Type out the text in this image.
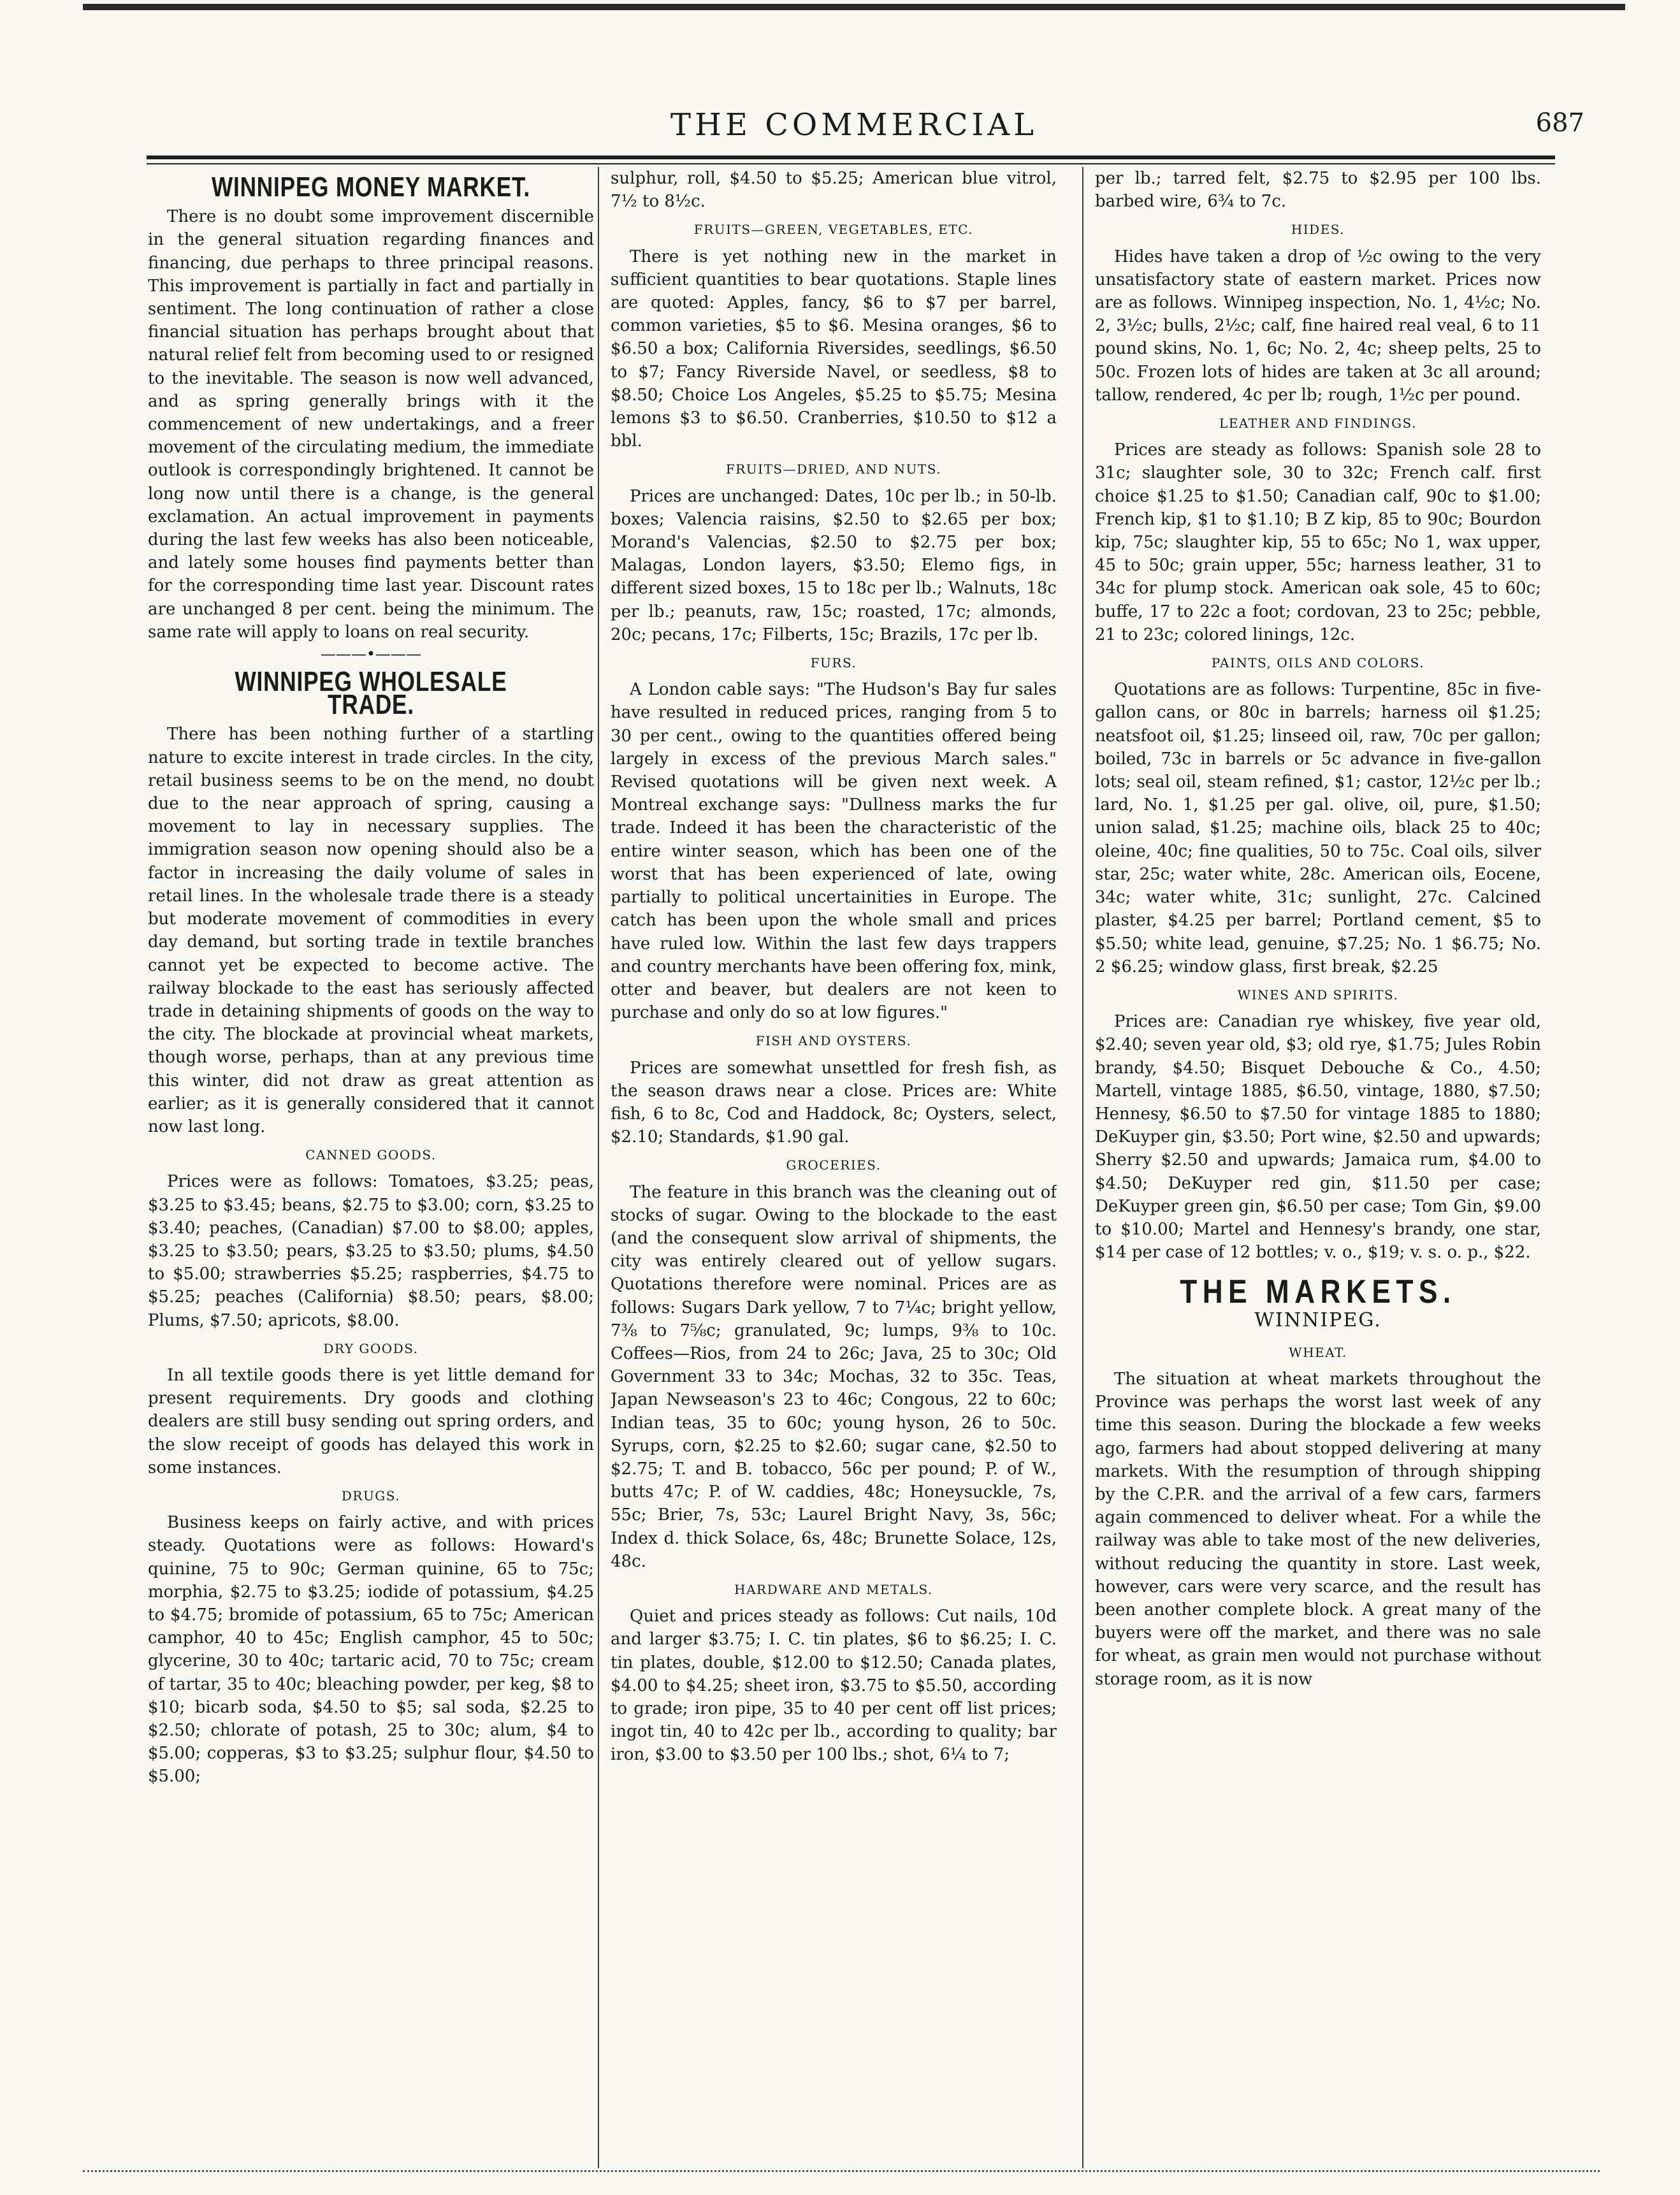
THE COMMERCIAL	687
WINNIPEG MONEY MARKET.

There is no doubt some improvement discernible in the general situation regarding finances and financing, due perhaps to three principal reasons. This improvement is partially in fact and partially in sentiment. The long continuation of rather a close financial situation has perhaps brought about that natural relief felt from becoming used to or resigned to the inevitable. The season is now well advanced, and as spring generally brings with it the commencement of new undertakings, and a freer movement of the circulating medium, the immediate outlook is correspondingly brightened. It cannot be long now until there is a change, is the general exclamation. An actual improvement in payments during the last few weeks has also been noticeable, and lately some houses find payments better than for the corresponding time last year. Discount rates are unchanged 8 per cent. being the minimum. The same rate will apply to loans on real security.

———•———
WINNIPEG WHOLESALE TRADE.

There has been nothing further of a startling nature to excite interest in trade circles. In the city, retail business seems to be on the mend, no doubt due to the near approach of spring, causing a movement to lay in necessary supplies. The immigration season now opening should also be a factor in increasing the daily volume of sales in retail lines. In the wholesale trade there is a steady but moderate movement of commodities in every day demand, but sorting trade in textile branches cannot yet be expected to become active. The railway blockade to the east has seriously affected trade in detaining shipments of goods on the way to the city. The blockade at provincial wheat markets, though worse, perhaps, than at any previous time this winter, did not draw as great attention as earlier; as it is generally considered that it cannot now last long.

CANNED GOODS.

Prices were as follows: Tomatoes, $3.25; peas, $3.25 to $3.45; beans, $2.75 to $3.00; corn, $3.25 to $3.40; peaches, (Canadian) $7.00 to $8.00; apples, $3.25 to $3.50; pears, $3.25 to $3.50; plums, $4.50 to $5.00; strawberries $5.25; raspberries, $4.75 to $5.25; peaches (California) $8.50; pears, $8.00; Plums, $7.50; apricots, $8.00.

DRY GOODS.

In all textile goods there is yet little demand for present requirements. Dry goods and clothing dealers are still busy sending out spring orders, and the slow receipt of goods has delayed this work in some instances.

DRUGS.

Business keeps on fairly active, and with prices steady. Quotations were as follows: Howard's quinine, 75 to 90c; German quinine, 65 to 75c; morphia, $2.75 to $3.25; iodide of potassium, $4.25 to $4.75; bromide of potassium, 65 to 75c; American camphor, 40 to 45c; English camphor, 45 to 50c; glycerine, 30 to 40c; tartaric acid, 70 to 75c; cream of tartar, 35 to 40c; bleaching powder, per keg, $8 to $10; bicarb soda, $4.50 to $5; sal soda, $2.25 to $2.50; chlorate of potash, 25 to 30c; alum, $4 to $5.00; copperas, $3 to $3.25; sulphur flour, $4.50 to $5.00;

sulphur, roll, $4.50 to $5.25; American blue vitrol, 7½ to 8½c.

FRUITS—GREEN, VEGETABLES, ETC.

There is yet nothing new in the market in sufficient quantities to bear quotations. Staple lines are quoted: Apples, fancy, $6 to $7 per barrel, common varieties, $5 to $6. Mesina oranges, $6 to $6.50 a box; California Riversides, seedlings, $6.50 to $7; Fancy Riverside Navel, or seedless, $8 to $8.50; Choice Los Angeles, $5.25 to $5.75; Mesina lemons $3 to $6.50. Cranberries, $10.50 to $12 a bbl.

FRUITS—DRIED, AND NUTS.

Prices are unchanged: Dates, 10c per lb.; in 50-lb. boxes; Valencia raisins, $2.50 to $2.65 per box; Morand's Valencias, $2.50 to $2.75 per box; Malagas, London layers, $3.50; Elemo figs, in different sized boxes, 15 to 18c per lb.; Walnuts, 18c per lb.; peanuts, raw, 15c; roasted, 17c; almonds, 20c; pecans, 17c; Filberts, 15c; Brazils, 17c per lb.

FURS.

A London cable says: "The Hudson's Bay fur sales have resulted in reduced prices, ranging from 5 to 30 per cent., owing to the quantities offered being largely in excess of the previous March sales." Revised quotations will be given next week. A Montreal exchange says: "Dullness marks the fur trade. Indeed it has been the characteristic of the entire winter season, which has been one of the worst that has been experienced of late, owing partially to political uncertainities in Europe. The catch has been upon the whole small and prices have ruled low. Within the last few days trappers and country merchants have been offering fox, mink, otter and beaver, but dealers are not keen to purchase and only do so at low figures."

FISH AND OYSTERS.

Prices are somewhat unsettled for fresh fish, as the season draws near a close. Prices are: White fish, 6 to 8c, Cod and Haddock, 8c; Oysters, select, $2.10; Standards, $1.90 gal.

GROCERIES.

The feature in this branch was the cleaning out of stocks of sugar. Owing to the blockade to the east (and the consequent slow arrival of shipments, the city was entirely cleared out of yellow sugars. Quotations therefore were nominal. Prices are as follows: Sugars Dark yellow, 7 to 7¼c; bright yellow, 7⅜ to 7⅝c; granulated, 9c; lumps, 9⅜ to 10c. Coffees—Rios, from 24 to 26c; Java, 25 to 30c; Old Government 33 to 34c; Mochas, 32 to 35c. Teas, Japan Newseason's 23 to 46c; Congous, 22 to 60c; Indian teas, 35 to 60c; young hyson, 26 to 50c. Syrups, corn, $2.25 to $2.60; sugar cane, $2.50 to $2.75; T. and B. tobacco, 56c per pound; P. of W., butts 47c; P. of W. caddies, 48c; Honeysuckle, 7s, 55c; Brier, 7s, 53c; Laurel Bright Navy, 3s, 56c; Index d. thick Solace, 6s, 48c; Brunette Solace, 12s, 48c.

HARDWARE AND METALS.

Quiet and prices steady as follows: Cut nails, 10d and larger $3.75; I. C. tin plates, $6 to $6.25; I. C. tin plates, double, $12.00 to $12.50; Canada plates, $4.00 to $4.25; sheet iron, $3.75 to $5.50, according to grade; iron pipe, 35 to 40 per cent off list prices; ingot tin, 40 to 42c per lb., according to quality; bar iron, $3.00 to $3.50 per 100 lbs.; shot, 6¼ to 7;

per lb.; tarred felt, $2.75 to $2.95 per 100 lbs. barbed wire, 6¾ to 7c.

HIDES.

Hides have taken a drop of ½c owing to the very unsatisfactory state of eastern market. Prices now are as follows. Winnipeg inspection, No. 1, 4½c; No. 2, 3½c; bulls, 2½c; calf, fine haired real veal, 6 to 11 pound skins, No. 1, 6c; No. 2, 4c; sheep pelts, 25 to 50c. Frozen lots of hides are taken at 3c all around; tallow, rendered, 4c per lb; rough, 1½c per pound.

LEATHER AND FINDINGS.

Prices are steady as follows: Spanish sole 28 to 31c; slaughter sole, 30 to 32c; French calf. first choice $1.25 to $1.50; Canadian calf, 90c to $1.00; French kip, $1 to $1.10; B Z kip, 85 to 90c; Bourdon kip, 75c; slaughter kip, 55 to 65c; No 1, wax upper, 45 to 50c; grain upper, 55c; harness leather, 31 to 34c for plump stock. American oak sole, 45 to 60c; buffe, 17 to 22c a foot; cordovan, 23 to 25c; pebble, 21 to 23c; colored linings, 12c.

PAINTS, OILS AND COLORS.

Quotations are as follows: Turpentine, 85c in five-gallon cans, or 80c in barrels; harness oil $1.25; neatsfoot oil, $1.25; linseed oil, raw, 70c per gallon; boiled, 73c in barrels or 5c advance in five-gallon lots; seal oil, steam refined, $1; castor, 12½c per lb.; lard, No. 1, $1.25 per gal. olive, oil, pure, $1.50; union salad, $1.25; machine oils, black 25 to 40c; oleine, 40c; fine qualities, 50 to 75c. Coal oils, silver star, 25c; water white, 28c. American oils, Eocene, 34c; water white, 31c; sunlight, 27c. Calcined plaster, $4.25 per barrel; Portland cement, $5 to $5.50; white lead, genuine, $7.25; No. 1 $6.75; No. 2 $6.25; window glass, first break, $2.25

WINES AND SPIRITS.

Prices are: Canadian rye whiskey, five year old, $2.40; seven year old, $3; old rye, $1.75; Jules Robin brandy, $4.50; Bisquet Debouche & Co., 4.50; Martell, vintage 1885, $6.50, vintage, 1880, $7.50; Hennesy, $6.50 to $7.50 for vintage 1885 to 1880; DeKuyper gin, $3.50; Port wine, $2.50 and upwards; Sherry $2.50 and upwards; Jamaica rum, $4.00 to $4.50; DeKuyper red gin, $11.50 per case; DeKuyper green gin, $6.50 per case; Tom Gin, $9.00 to $10.00; Martel and Hennesy's brandy, one star, $14 per case of 12 bottles; v. o., $19; v. s. o. p., $22.

THE MARKETS.
WINNIPEG.
WHEAT.

The situation at wheat markets throughout the Province was perhaps the worst last week of any time this season. During the blockade a few weeks ago, farmers had about stopped delivering at many markets. With the resumption of through shipping by the C.P.R. and the arrival of a few cars, farmers again commenced to deliver wheat. For a while the railway was able to take most of the new deliveries, without reducing the quantity in store. Last week, however, cars were very scarce, and the result has been another complete block. A great many of the buyers were off the market, and there was no sale for wheat, as grain men would not purchase without storage room, as it is now
